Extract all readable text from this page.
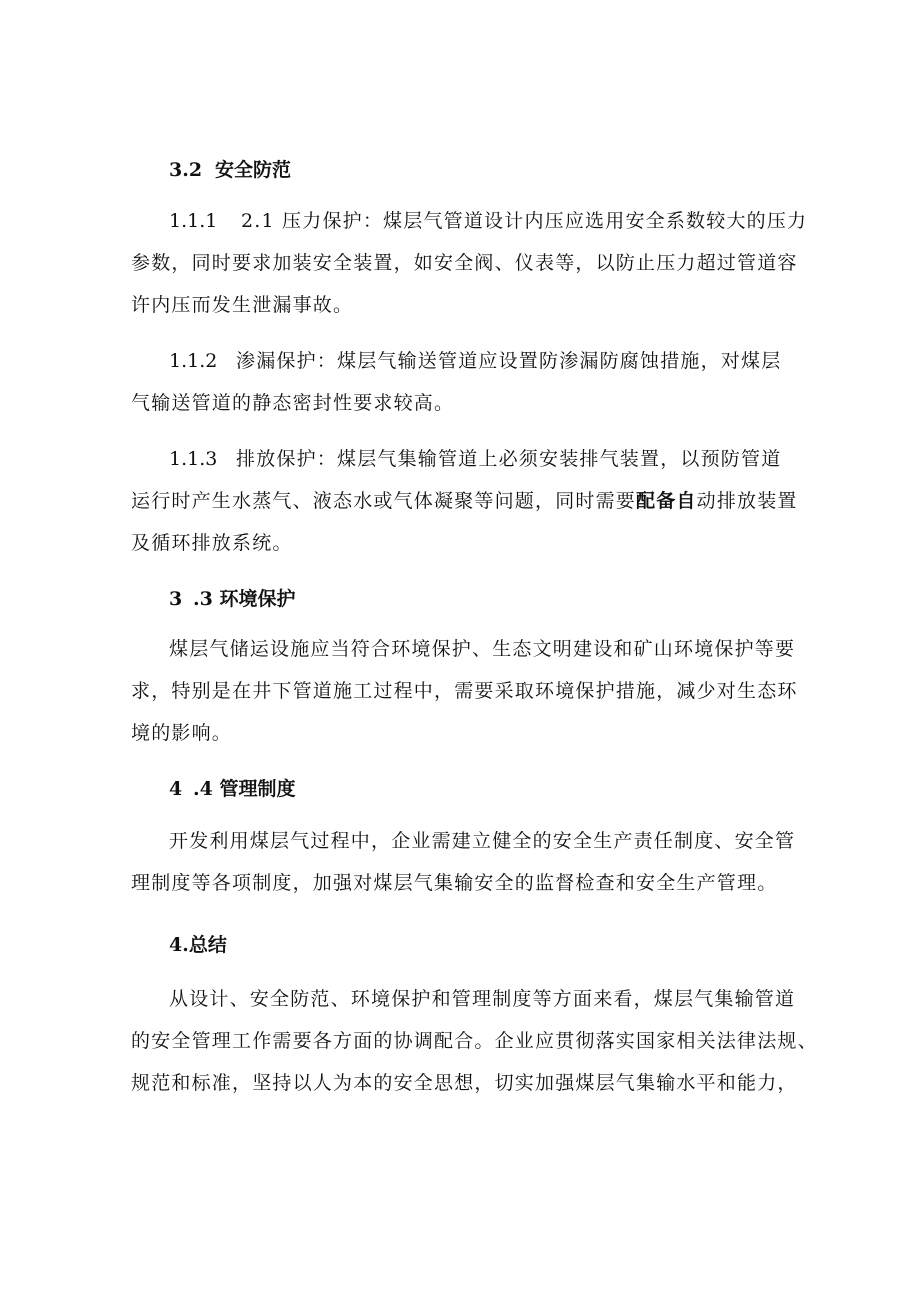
3.2 安全防范
1.1.1 2.1 压力保护：煤层气管道设计内压应选用安全系数较大的压力
参数，同时要求加装安全装置，如安全阀、仪表等，以防止压力超过管道容
许内压而发生泄漏事故。
1.1.2 渗漏保护：煤层气输送管道应设置防渗漏防腐蚀措施，对煤层
气输送管道的静态密封性要求较高。
1.1.3 排放保护：煤层气集输管道上必须安装排气装置，以预防管道
运行时产生水蒸气、液态水或气体凝聚等问题，同时需要配备自动排放装置
及循环排放系统。
3 .3 环境保护
煤层气储运设施应当符合环境保护、生态文明建设和矿山环境保护等要
求，特别是在井下管道施工过程中，需要采取环境保护措施，减少对生态环
境的影响。
4 .4 管理制度
开发利用煤层气过程中，企业需建立健全的安全生产责任制度、安全管
理制度等各项制度，加强对煤层气集输安全的监督检查和安全生产管理。
4.总结
从设计、安全防范、环境保护和管理制度等方面来看，煤层气集输管道
的安全管理工作需要各方面的协调配合。企业应贯彻落实国家相关法律法规、
规范和标准，坚持以人为本的安全思想，切实加强煤层气集输水平和能力，
